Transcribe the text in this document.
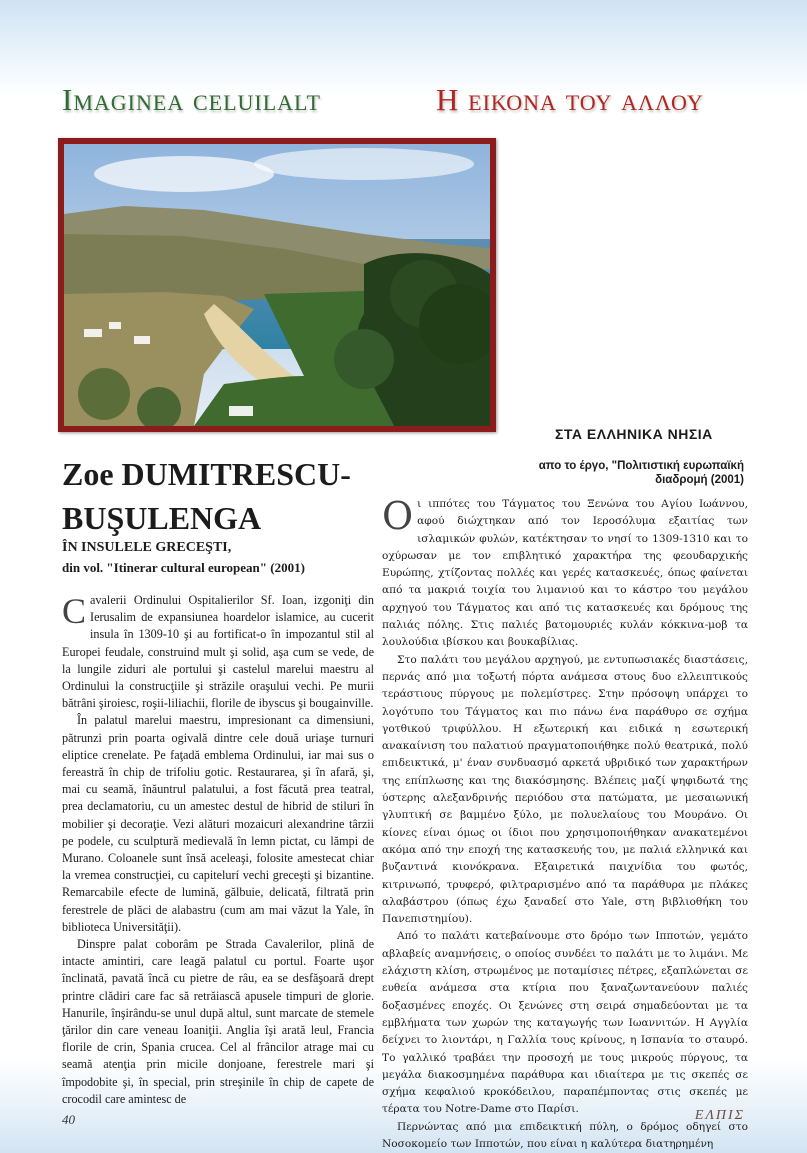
Imaginea celuilalt	Η εικονα του αλλου
Zoe DUMITRESCU-BUŞULENGA
ÎN INSULELE GRECEŞTI,
din vol. "Itinerar cultural european" (2001)
ΣΤΑ ΕΛΛΗΝΙΚΑ ΝΗΣΙΑ
απο το έργο, "Πολιτιστική ευρωπαϊκή
διαδρομή (2001)

Cavalerii Ordinului Ospitalierilor Sf. Ioan, izgoniţi din Ierusalim de expansiunea hoardelor islamice, au cucerit insula în 1309-10 şi au fortificat-o în impozantul stil al Europei feudale, construind mult şi solid, aşa cum se vede, de la lungile ziduri ale portului şi castelul marelui maestru al Ordinului la construcţiile şi străzile oraşului vechi. Pe murii bătrâni şiroiesc, roşii-liliachii, florile de ibyscus şi bougainville.

În palatul marelui maestru, impresionant ca dimensiuni, pătrunzi prin poarta ogivală dintre cele două uriaşe turnuri eliptice crenelate. Pe faţadă emblema Ordinului, iar mai sus o fereastră în chip de trifoliu gotic. Restaurarea, şi în afară, şi, mai cu seamă, înăuntrul palatului, a fost făcută prea teatral, prea declamatoriu, cu un amestec destul de hibrid de stiluri în mobilier şi decoraţie. Vezi alături mozaicuri alexandrine târzii pe podele, cu sculptură medievală în lemn pictat, cu lămpi de Murano. Coloanele sunt însă aceleaşi, folosite amestecat chiar la vremea construcţiei, cu capitelurí vechi greceşti şi bizantine. Remarcabile efecte de lumină, gălbuie, delicată, filtrată prin ferestrele de plăci de alabastru (cum am mai văzut la Yale, în biblioteca Universităţii).

Dinspre palat coborâm pe Strada Cavalerilor, plină de intacte amintiri, care leagă palatul cu portul. Foarte uşor înclinată, pavată încă cu pietre de râu, ea se desfăşoară drept printre clădiri care fac să retrăiască apusele timpuri de glorie. Hanurile, înşirându-se unul după altul, sunt marcate de stemele ţărilor din care veneau Ioaniţii. Anglia îşi arată leul, Francia florile de crin, Spania crucea. Cel al frâncilor atrage mai cu seamă atenţia prin micile donjoane, ferestrele mari şi împodobite şi, în special, prin streşinile în chip de capete de crocodil care amintesc de

Οι ιππότες του Τάγματος του Ξενώνα του Αγίου Ιωάννου, αφού διώχτηκαν από τον Ιεροσόλυμα εξαιτίας των ισλαμικών φυλών, κατέκτησαν το νησί το 1309-1310 και το οχύρωσαν με τον επιβλητικό χαρακτήρα της φεουδαρχικής Ευρώπης, χτίζοντας πολλές και γερές κατασκευές, όπως φαίνεται από τα μακριά τοιχία του λιμανιού και το κάστρο του μεγάλου αρχηγού του Τάγματος και από τις κατασκευές και δρόμους της παλιάς πόλης. Στις παλιές βατομουριές κυλάν κόκκινα-μοβ τα λουλούδια ιβίσκου και βουκαβίλιας.

Στο παλάτι του μεγάλου αρχηγού, με εντυπωσιακές διαστάσεις, περνάς από μια τοξωτή πόρτα ανάμεσα στους δυο ελλειπτικούς τεράστιους πύργους με πολεμίστρες. Στην πρόσοψη υπάρχει το λογότυπο του Τάγματος και πιο πάνω ένα παράθυρο σε σχήμα γοτθικού τριφύλλου. Η εξωτερική και ειδικά η εσωτερική ανακαίνιση του παλατιού πραγματοποιήθηκε πολύ θεατρικά, πολύ επιδεικτικά, μ' έναν συνδυασμό αρκετά υβριδικό των χαρακτήρων της επίπλωσης και της διακόσμησης. Βλέπεις μαζί ψηφιδωτά της ύστερης αλεξανδρινής περιόδου στα πατώματα, με μεσαιωνική γλυπτική σε βαμμένο ξύλο, με πολυελαίους του Μουράνο. Οι κίονες είναι όμως οι ίδιοι που χρησιμοποιήθηκαν ανακατεμένοι ακόμα από την εποχή της κατασκευής του, με παλιά ελληνικά και βυζαντινά κιονόκρανα. Εξαιρετικά παιχνίδια του φωτός, κιτρινωπό, τρυφερό, φιλτραρισμένο από τα παράθυρα με πλάκες αλαβάστρου (όπως έχω ξαναδεί στο Yale, στη βιβλιοθήκη του Πανεπιστημίου).

Από το παλάτι κατεβαίνουμε στο δρόμο των Ιπποτών, γεμάτο αβλαβείς αναμνήσεις, ο οποίος συνδέει το παλάτι με το λιμάνι. Με ελάχιστη κλίση, στρωμένος με ποταμίσιες πέτρες, εξαπλώνεται σε ευθεία ανάμεσα στα κτίρια που ξαναζωντανεύουν παλιές δοξασμένες εποχές. Οι ξενώνες στη σειρά σημαδεύονται με τα εμβλήματα των χωρών της καταγωγής των Ιωαννιτών. Η Αγγλία δείχνει το λιοντάρι, η Γαλλία τους κρίνους, η Ισπανία το σταυρό. Το γαλλικό τραβάει την προσοχή με τους μικρούς πύργους, τα μεγάλα διακοσμημένα παράθυρα και ιδιαίτερα με τις σκεπές σε σχήμα κεφαλιού κροκόδειλου, παραπέμποντας στις σκεπές με τέρατα του Notre-Dame στο Παρίσι.

Περνώντας από μια επιδεικτική πύλη, ο δρόμος οδηγεί στο Νοσοκομείο των Ιπποτών, που είναι η καλύτερα διατηρημένη

40	ΕΛΠΙΣ
